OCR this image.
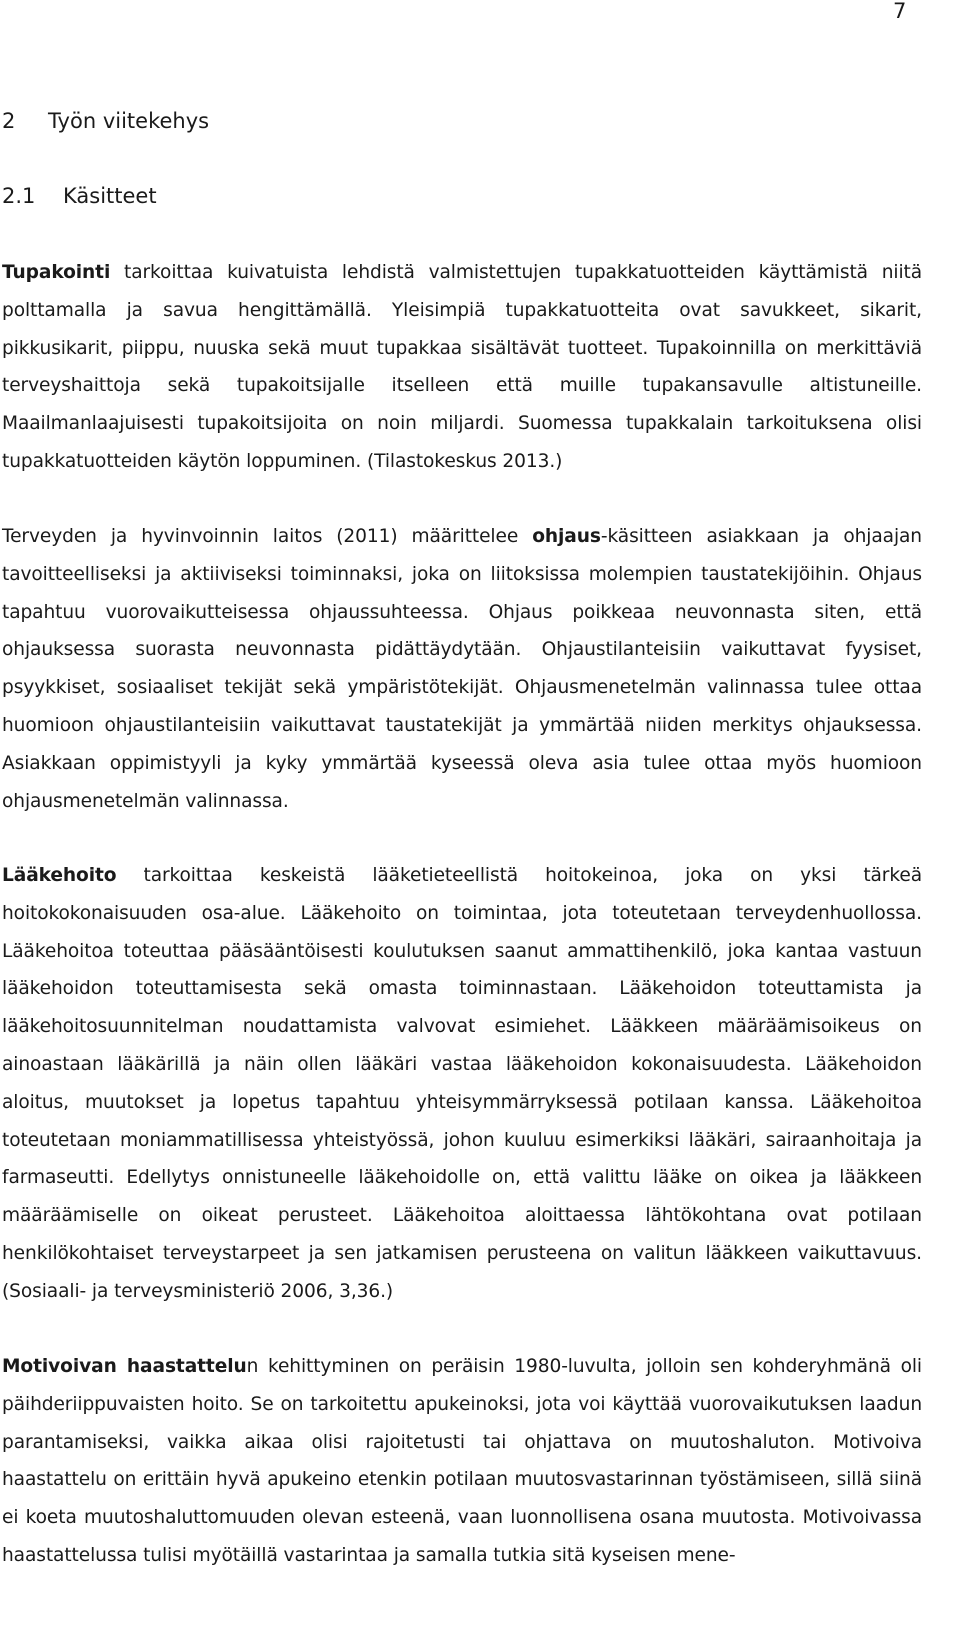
7
2 Työn viitekehys
2.1 Käsitteet

Tupakointi tarkoittaa kuivatuista lehdistä valmistettujen tupakkatuotteiden käyttämistä niitä polttamalla ja savua hengittämällä. Yleisimpiä tupakkatuotteita ovat savukkeet, sikarit, pikkusikarit, piippu, nuuska sekä muut tupakkaa sisältävät tuotteet. Tupakoinnilla on merkittäviä terveyshaittoja sekä tupakoitsijalle itselleen että muille tupakansavulle altistuneille. Maailmanlaajuisesti tupakoitsijoita on noin miljardi. Suomessa tupakkalain tarkoituksena olisi tupakkatuotteiden käytön loppuminen. (Tilastokeskus 2013.)

Terveyden ja hyvinvoinnin laitos (2011) määrittelee ohjaus-käsitteen asiakkaan ja ohjaajan tavoitteelliseksi ja aktiiviseksi toiminnaksi, joka on liitoksissa molempien taustatekijöihin. Ohjaus tapahtuu vuorovaikutteisessa ohjaussuhteessa. Ohjaus poikkeaa neuvonnasta siten, että ohjauksessa suorasta neuvonnasta pidättäydytään. Ohjaustilanteisiin vaikuttavat fyysiset, psyykkiset, sosiaaliset tekijät sekä ympäristötekijät. Ohjausmenetelmän valinnassa tulee ottaa huomioon ohjaustilanteisiin vaikuttavat taustatekijät ja ymmärtää niiden merkitys ohjauksessa. Asiakkaan oppimistyyli ja kyky ymmärtää kyseessä oleva asia tulee ottaa myös huomioon ohjausmenetelmän valinnassa.

Lääkehoito tarkoittaa keskeistä lääketieteellistä hoitokeinoa, joka on yksi tärkeä hoitokokonaisuuden osa-alue. Lääkehoito on toimintaa, jota toteutetaan terveydenhuollossa. Lääkehoitoa toteuttaa pääsääntöisesti koulutuksen saanut ammattihenkilö, joka kantaa vastuun lääkehoidon toteuttamisesta sekä omasta toiminnastaan. Lääkehoidon toteuttamista ja lääkehoitosuunnitelman noudattamista valvovat esimiehet. Lääkkeen määräämisoikeus on ainoastaan lääkärillä ja näin ollen lääkäri vastaa lääkehoidon kokonaisuudesta. Lääkehoidon aloitus, muutokset ja lopetus tapahtuu yhteisymmärryksessä potilaan kanssa. Lääkehoitoa toteutetaan moniammatillisessa yhteistyössä, johon kuuluu esimerkiksi lääkäri, sairaanhoitaja ja farmaseutti. Edellytys onnistuneelle lääkehoidolle on, että valittu lääke on oikea ja lääkkeen määräämiselle on oikeat perusteet. Lääkehoitoa aloittaessa lähtökohtana ovat potilaan henkilökohtaiset terveystarpeet ja sen jatkamisen perusteena on valitun lääkkeen vaikuttavuus. (Sosiaali- ja terveysministeriö 2006, 3,36.)

Motivoivan haastattelun kehittyminen on peräisin 1980-luvulta, jolloin sen kohderyhmänä oli päihderiippuvaisten hoito. Se on tarkoitettu apukeinoksi, jota voi käyttää vuorovaikutuksen laadun parantamiseksi, vaikka aikaa olisi rajoitetusti tai ohjattava on muutoshaluton. Motivoiva haastattelu on erittäin hyvä apukeino etenkin potilaan muutosvastarinnan työstämiseen, sillä siinä ei koeta muutoshaluttomuuden olevan esteenä, vaan luonnollisena osana muutosta. Motivoivassa haastattelussa tulisi myötäillä vastarintaa ja samalla tutkia sitä kyseisen mene-
